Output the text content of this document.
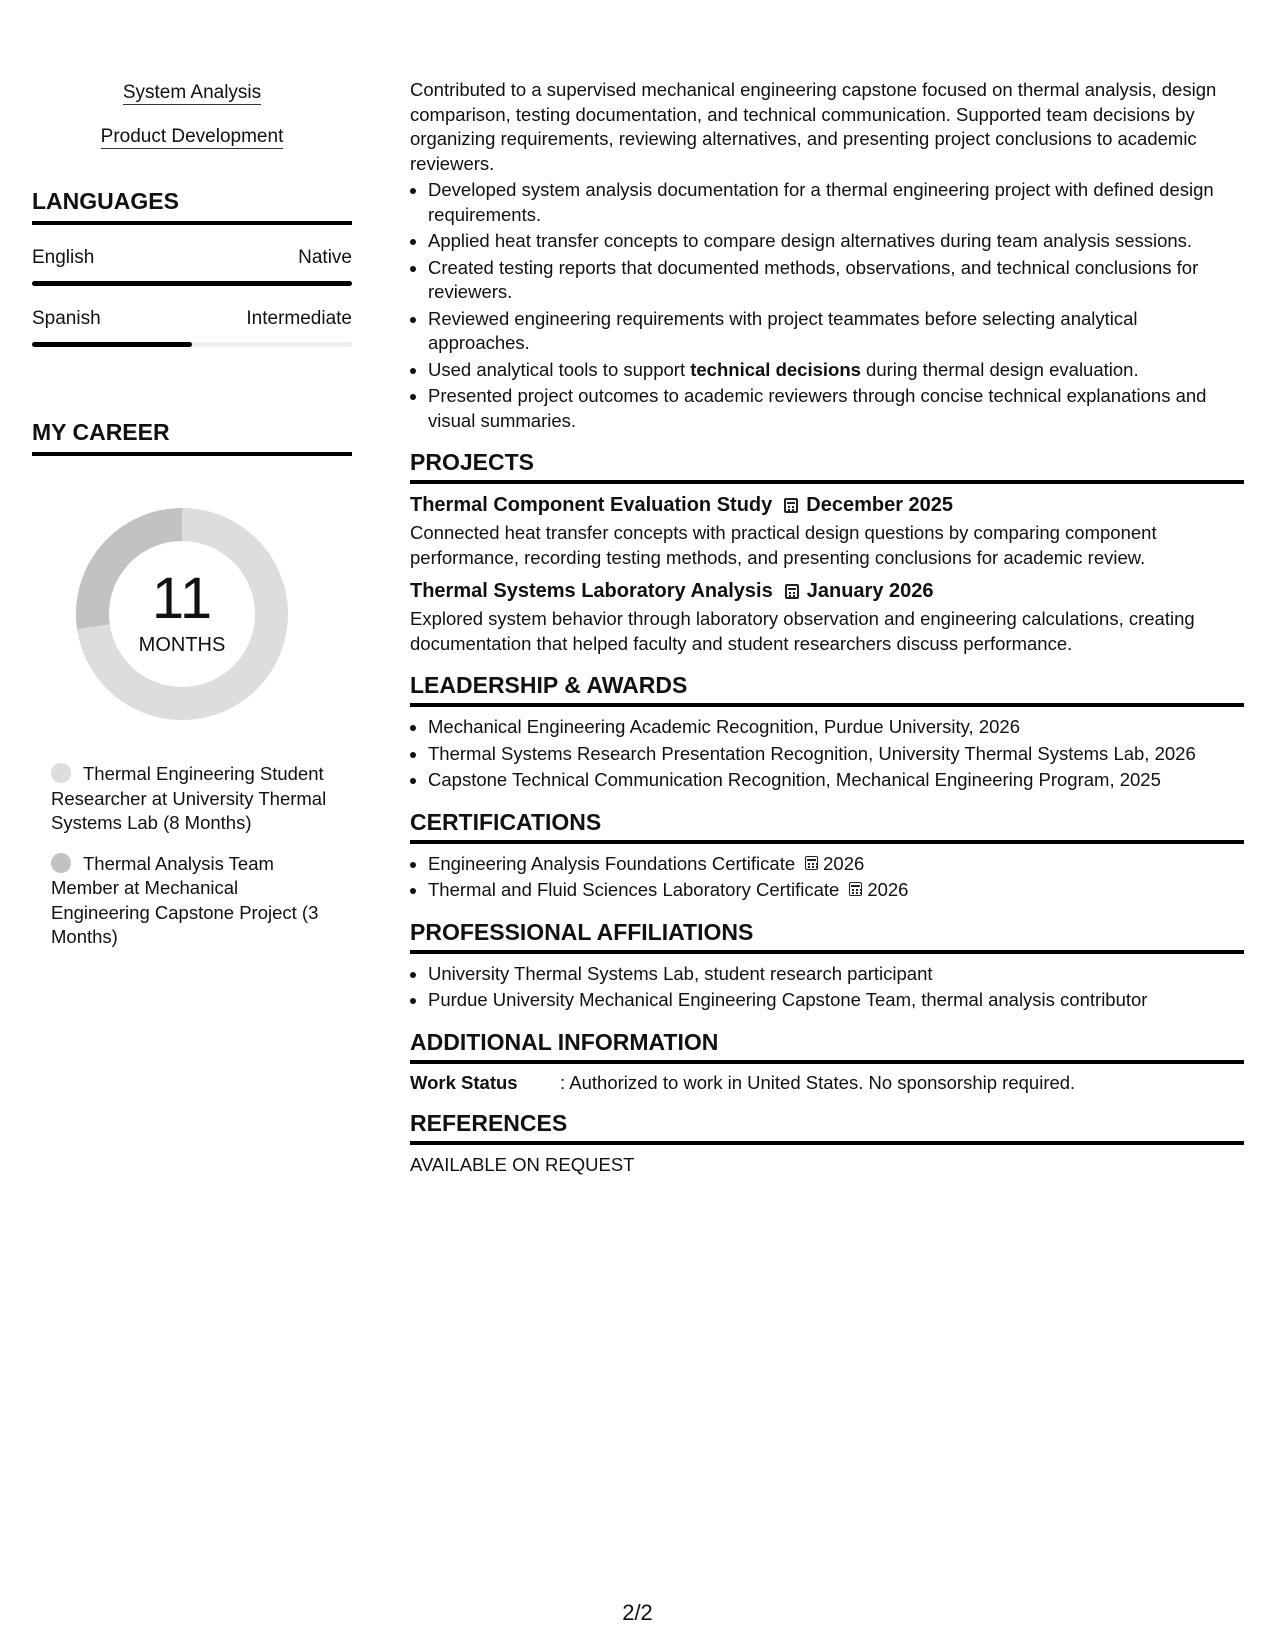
System Analysis
Product Development
LANGUAGES
English	Native
Spanish	Intermediate
MY CAREER
11
MONTHS
Thermal Engineering Student Researcher at University Thermal Systems Lab (8 Months)
Thermal Analysis Team Member at Mechanical Engineering Capstone Project (3 Months)

Contributed to a supervised mechanical engineering capstone focused on thermal analysis, design comparison, testing documentation, and technical communication. Supported team decisions by organizing requirements, reviewing alternatives, and presenting project conclusions to academic reviewers.

• Developed system analysis documentation for a thermal engineering project with defined design requirements.
• Applied heat transfer concepts to compare design alternatives during team analysis sessions.
• Created testing reports that documented methods, observations, and technical conclusions for reviewers.
• Reviewed engineering requirements with project teammates before selecting analytical approaches.
• Used analytical tools to support technical decisions during thermal design evaluation.
• Presented project outcomes to academic reviewers through concise technical explanations and visual summaries.
PROJECTS
Thermal Component Evaluation Study December 2025

Connected heat transfer concepts with practical design questions by comparing component performance, recording testing methods, and presenting conclusions for academic review.

Thermal Systems Laboratory Analysis January 2026

Explored system behavior through laboratory observation and engineering calculations, creating documentation that helped faculty and student researchers discuss performance.

LEADERSHIP & AWARDS
• Mechanical Engineering Academic Recognition, Purdue University, 2026
• Thermal Systems Research Presentation Recognition, University Thermal Systems Lab, 2026
• Capstone Technical Communication Recognition, Mechanical Engineering Program, 2025
CERTIFICATIONS
• Engineering Analysis Foundations Certificate 2026
• Thermal and Fluid Sciences Laboratory Certificate 2026
PROFESSIONAL AFFILIATIONS
• University Thermal Systems Lab, student research participant
• Purdue University Mechanical Engineering Capstone Team, thermal analysis contributor
ADDITIONAL INFORMATION
Work Status	: Authorized to work in United States. No sponsorship required.
REFERENCES

AVAILABLE ON REQUEST

2/2
